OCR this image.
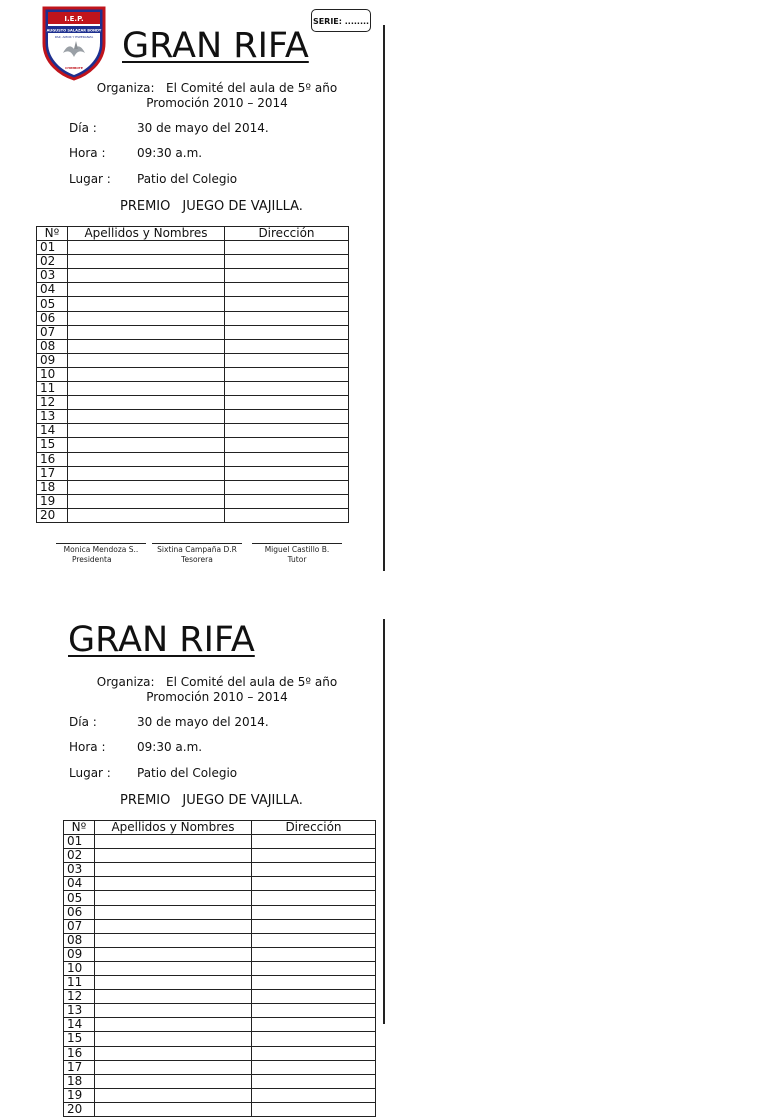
I.E.P.
AUGUSTO SALAZAR BONDY
PAZ, AMOR Y ESPERANZA
CHIMBOTE
SERIE: ........
GRAN RIFA
Organiza: El Comité del aula de 5º año
Promoción 2010 – 2014
Día :	30 de mayo del 2014.
Hora :	09:30 a.m.
Lugar : Patio del Colegio
PREMIO JUEGO DE VAJILLA.
Nº	Apellidos y Nombres	Dirección
01		
02		
03		
04		
05		
06		
07		
08		
09		
10		
11		
12		
13		
14		
15		
16		
17		
18		
19		
20		
Monica Mendoza S..
Presidenta
Sixtina Campaña D.R
Tesorera
Miguel Castillo B.
Tutor
GRAN RIFA
Organiza: El Comité del aula de 5º año
Promoción 2010 – 2014
Día :	30 de mayo del 2014.
Hora :	09:30 a.m.
Lugar : Patio del Colegio
PREMIO JUEGO DE VAJILLA.
Nº	Apellidos y Nombres	Dirección
01		
02		
03		
04		
05		
06		
07		
08		
09		
10		
11		
12		
13		
14		
15		
16		
17		
18		
19		
20		
